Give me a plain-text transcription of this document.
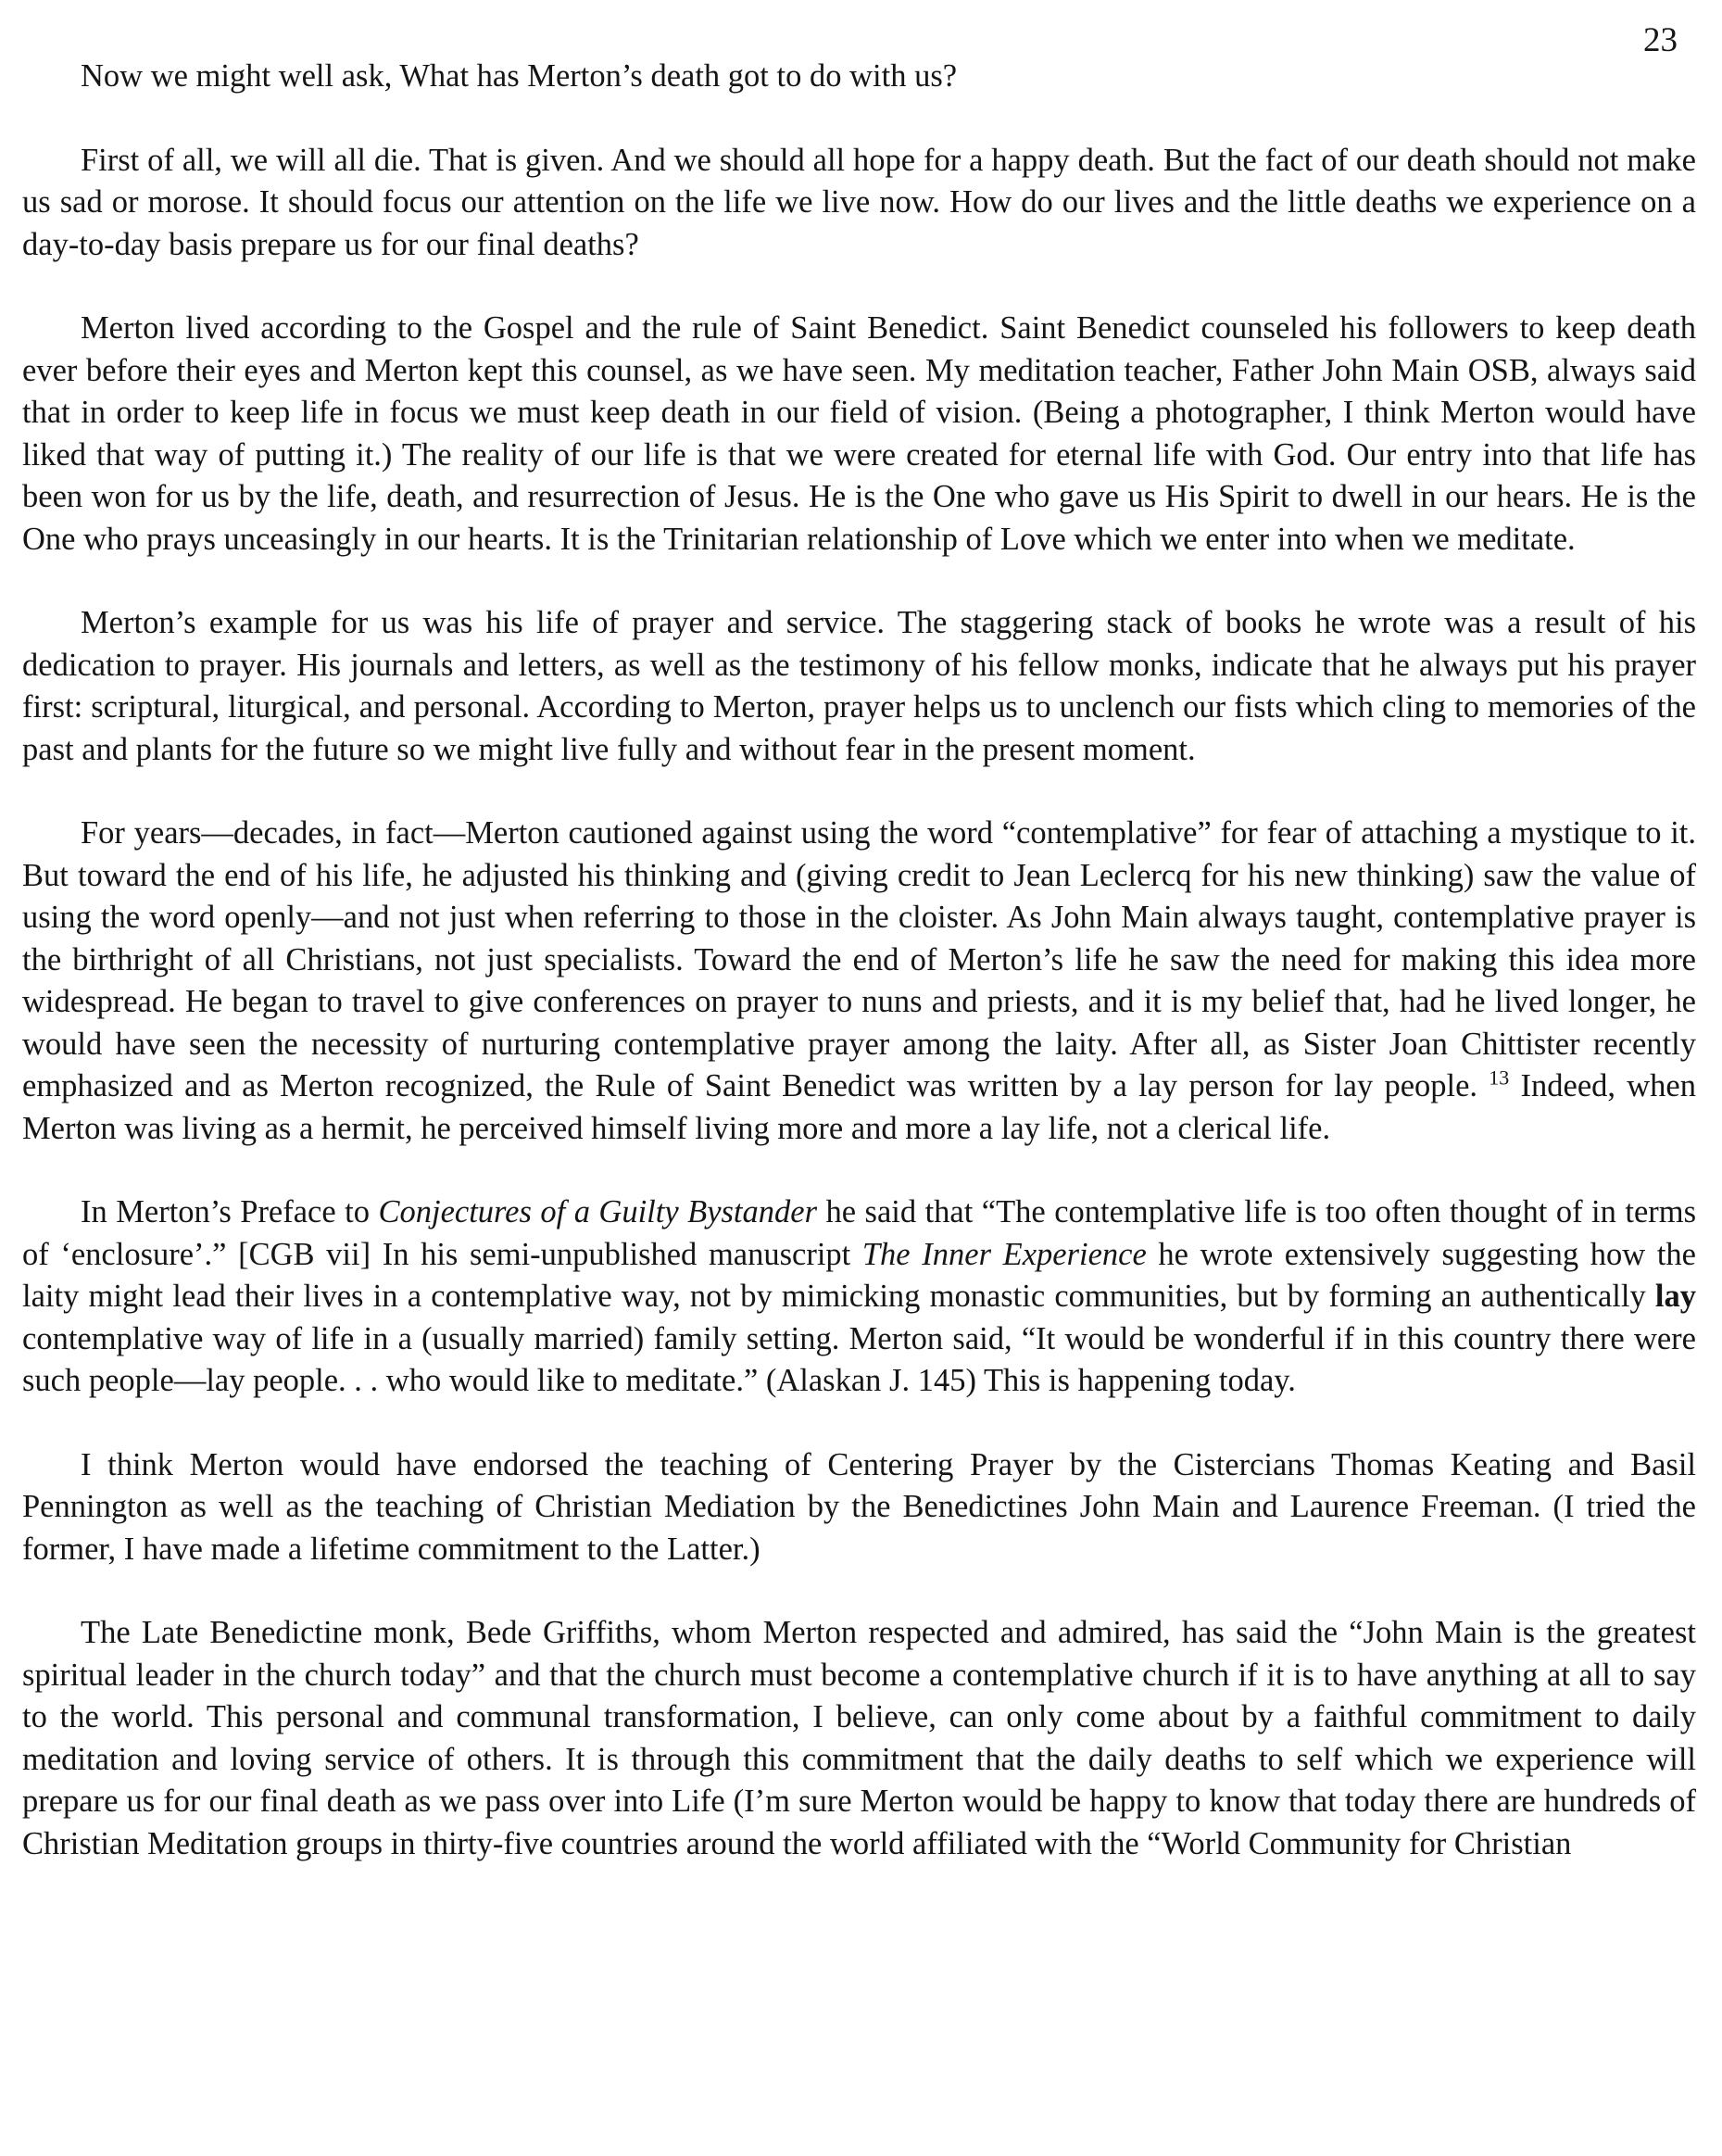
23

Now we might well ask, What has Merton’s death got to do with us?

First of all, we will all die. That is given. And we should all hope for a happy death. But the fact of our death should not make us sad or morose. It should focus our attention on the life we live now. How do our lives and the little deaths we experience on a day-to-day basis prepare us for our final deaths?

Merton lived according to the Gospel and the rule of Saint Benedict. Saint Benedict counseled his followers to keep death ever before their eyes and Merton kept this counsel, as we have seen. My meditation teacher, Father John Main OSB, always said that in order to keep life in focus we must keep death in our field of vision. (Being a photographer, I think Merton would have liked that way of putting it.) The reality of our life is that we were created for eternal life with God. Our entry into that life has been won for us by the life, death, and resurrection of Jesus. He is the One who gave us His Spirit to dwell in our hears. He is the One who prays unceasingly in our hearts. It is the Trinitarian relationship of Love which we enter into when we meditate.

Merton’s example for us was his life of prayer and service. The staggering stack of books he wrote was a result of his dedication to prayer. His journals and letters, as well as the testimony of his fellow monks, indicate that he always put his prayer first: scriptural, liturgical, and personal. According to Merton, prayer helps us to unclench our fists which cling to memories of the past and plants for the future so we might live fully and without fear in the present moment.

For years—decades, in fact—Merton cautioned against using the word “contemplative” for fear of attaching a mystique to it. But toward the end of his life, he adjusted his thinking and (giving credit to Jean Leclercq for his new thinking) saw the value of using the word openly—and not just when referring to those in the cloister. As John Main always taught, contemplative prayer is the birthright of all Christians, not just specialists. Toward the end of Merton’s life he saw the need for making this idea more widespread. He began to travel to give conferences on prayer to nuns and priests, and it is my belief that, had he lived longer, he would have seen the necessity of nurturing contemplative prayer among the laity. After all, as Sister Joan Chittister recently emphasized and as Merton recognized, the Rule of Saint Benedict was written by a lay person for lay people. $^{13}$ Indeed, when Merton was living as a hermit, he perceived himself living more and more a lay life, not a clerical life.

In Merton’s Preface to Conjectures of a Guilty Bystander he said that “The contemplative life is too often thought of in terms of ‘enclosure’.” [CGB vii] In his semi-unpublished manuscript The Inner Experience he wrote extensively suggesting how the laity might lead their lives in a contemplative way, not by mimicking monastic communities, but by forming an authentically lay contemplative way of life in a (usually married) family setting. Merton said, “It would be wonderful if in this country there were such people—lay people. . . who would like to meditate.” (Alaskan J. 145) This is happening today.

I think Merton would have endorsed the teaching of Centering Prayer by the Cistercians Thomas Keating and Basil Pennington as well as the teaching of Christian Mediation by the Benedictines John Main and Laurence Freeman. (I tried the former, I have made a lifetime commitment to the Latter.)

The Late Benedictine monk, Bede Griffiths, whom Merton respected and admired, has said the “John Main is the greatest spiritual leader in the church today” and that the church must become a contemplative church if it is to have anything at all to say to the world. This personal and communal transformation, I believe, can only come about by a faithful commitment to daily meditation and loving service of others. It is through this commitment that the daily deaths to self which we experience will prepare us for our final death as we pass over into Life (I’m sure Merton would be happy to know that today there are hundreds of Christian Meditation groups in thirty-five countries around the world affiliated with the “World Community for Christian
